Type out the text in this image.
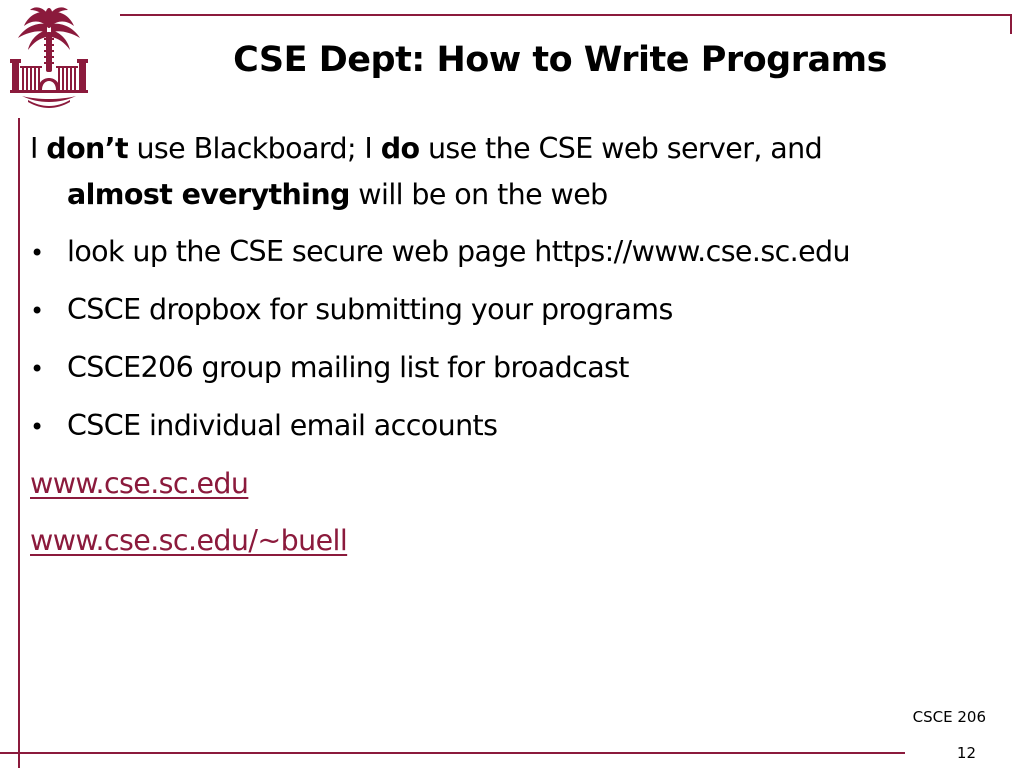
CSE Dept: How to Write Programs

I don’t use Blackboard; I do use the CSE web server, and
almost everything will be on the web

• look up the CSE secure web page https://www.cse.sc.edu
• CSCE dropbox for submitting your programs
• CSCE206 group mailing list for broadcast
• CSCE individual email accounts
www.cse.sc.edu
www.cse.sc.edu/~buell
CSCE 206
12
